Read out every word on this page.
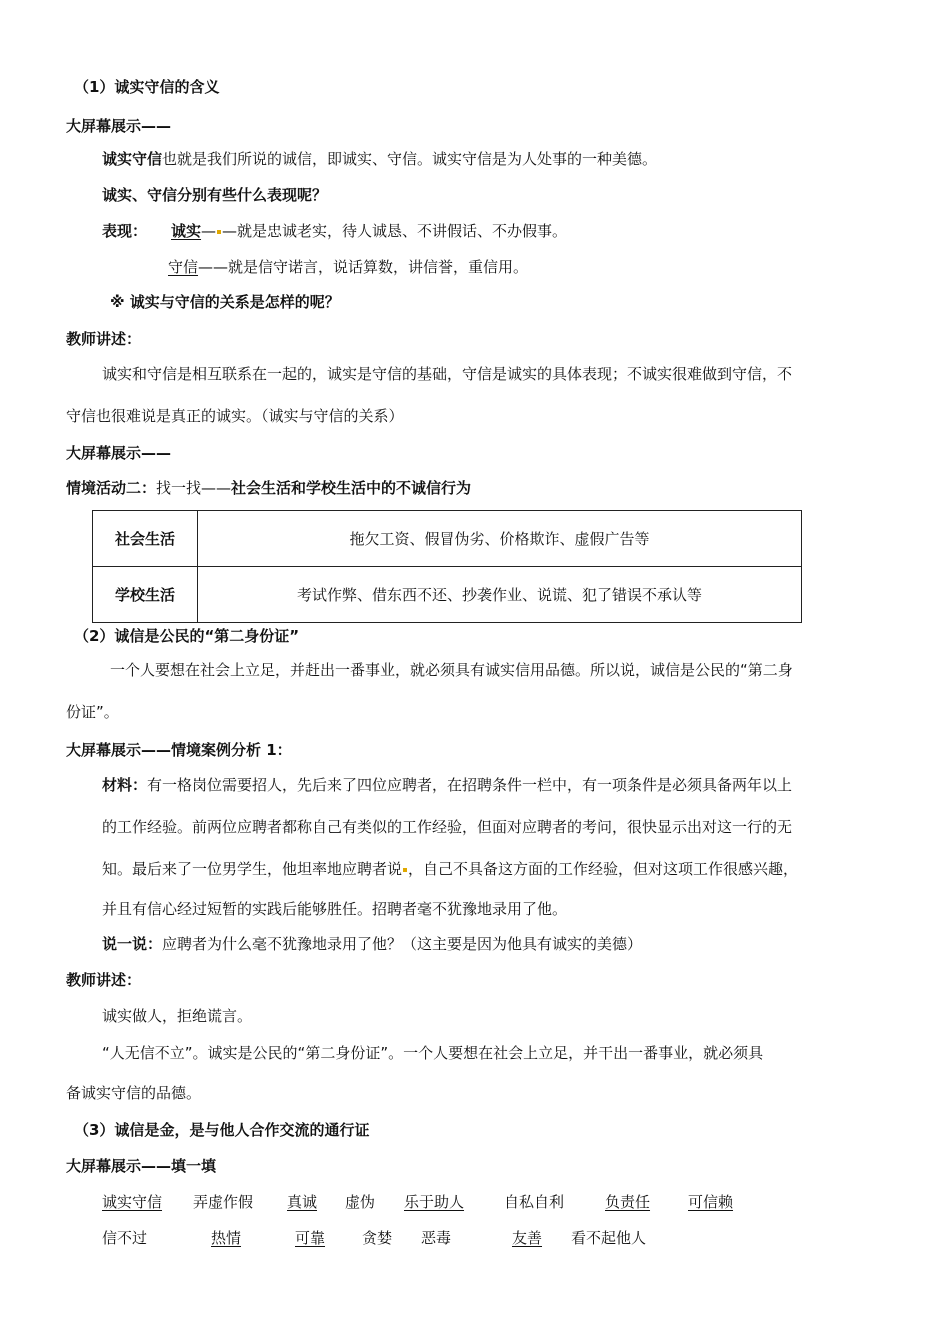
（1）诚实守信的含义
大屏幕展示——
诚实守信也就是我们所说的诚信，即诚实、守信。诚实守信是为人处事的一种美德。
诚实、守信分别有些什么表现呢？
表现： 诚实— —就是忠诚老实，待人诚恳、不讲假话、不办假事。
守信——就是信守诺言，说话算数，讲信誉，重信用。
※ 诚实与守信的关系是怎样的呢？
教师讲述：
诚实和守信是相互联系在一起的，诚实是守信的基础，守信是诚实的具体表现；不诚实很难做到守信，不
守信也很难说是真正的诚实。（诚实与守信的关系）
大屏幕展示——
情境活动二：找一找——社会生活和学校生活中的不诚信行为
社会生活	拖欠工资、假冒伪劣、价格欺诈、虚假广告等
学校生活	考试作弊、借东西不还、抄袭作业、说谎、犯了错误不承认等
（2）诚信是公民的“第二身份证”
一个人要想在社会上立足，并赶出一番事业，就必须具有诚实信用品德。所以说，诚信是公民的“第二身
份证”。
大屏幕展示——情境案例分析 1：
材料：有一格岗位需要招人，先后来了四位应聘者，在招聘条件一栏中，有一项条件是必须具备两年以上
的工作经验。前两位应聘者都称自己有类似的工作经验，但面对应聘者的考问，很快显示出对这一行的无
知。最后来了一位男学生，他坦率地应聘者说 ，自己不具备这方面的工作经验，但对这项工作很感兴趣，
并且有信心经过短暂的实践后能够胜任。招聘者毫不犹豫地录用了他。
说一说：应聘者为什么毫不犹豫地录用了他？（这主要是因为他具有诚实的美德）
教师讲述：
诚实做人，拒绝谎言。
“人无信不立”。诚实是公民的“第二身份证”。一个人要想在社会上立足，并干出一番事业，就必须具
备诚实守信的品德。
（3）诚信是金，是与他人合作交流的通行证
大屏幕展示——填一填
诚实守信 弄虚作假 真诚 虚伪 乐于助人	自私自利	负责任	可信赖
信不过	热情	可靠 贪婪 恶毒	友善 看不起他人
